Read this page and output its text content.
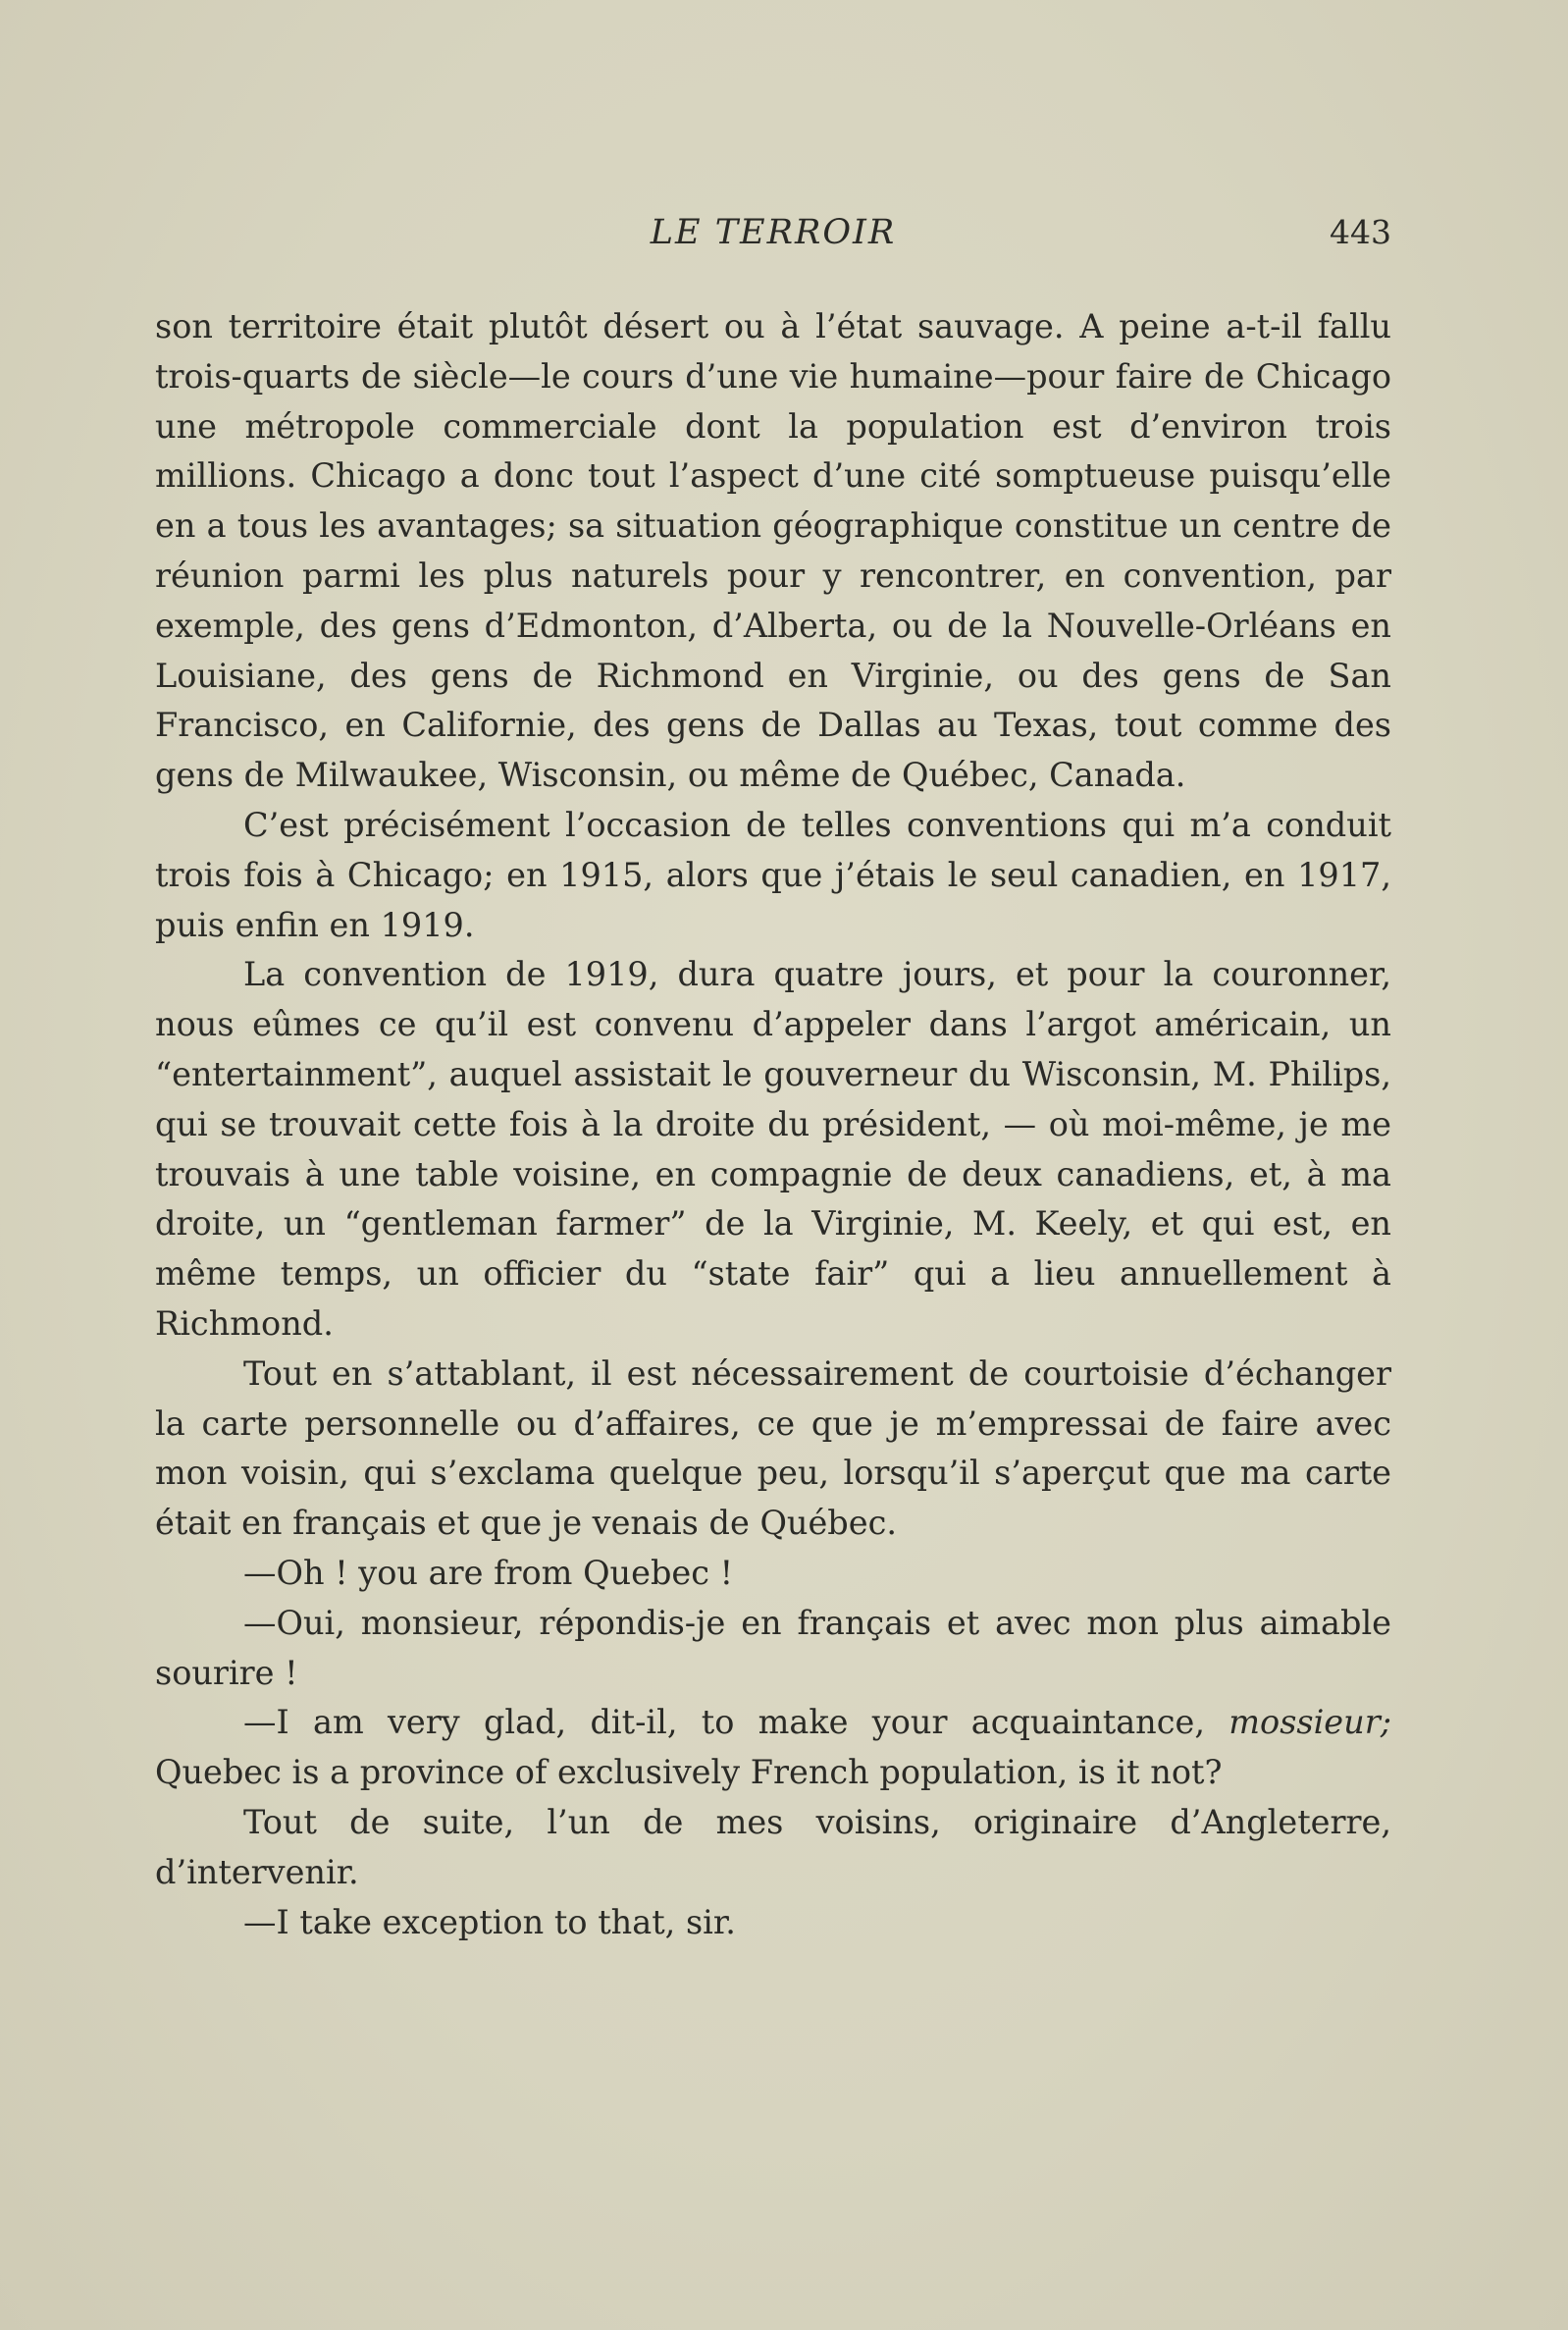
LE TERROIR	443

son territoire était plutôt désert ou à l’état sauvage. A peine a-t-il fallu trois-quarts de siècle—le cours d’une vie humaine—pour faire de Chicago une métropole commerciale dont la population est d’environ trois millions. Chicago a donc tout l’aspect d’une cité somptueuse puisqu’elle en a tous les avantages; sa situation géographique constitue un centre de réunion parmi les plus naturels pour y rencontrer, en convention, par exemple, des gens d’Edmonton, d’Alberta, ou de la Nouvelle-Orléans en Louisiane, des gens de Richmond en Virginie, ou des gens de San Francisco, en Californie, des gens de Dallas au Texas, tout comme des gens de Milwaukee, Wisconsin, ou même de Québec, Canada.

C’est précisément l’occasion de telles conventions qui m’a conduit trois fois à Chicago; en 1915, alors que j’étais le seul canadien, en 1917, puis enfin en 1919.

La convention de 1919, dura quatre jours, et pour la couronner, nous eûmes ce qu’il est convenu d’appeler dans l’argot américain, un “entertainment”, auquel assistait le gouverneur du Wisconsin, M. Philips, qui se trouvait cette fois à la droite du président, — où moi-même, je me trouvais à une table voisine, en compagnie de deux canadiens, et, à ma droite, un “gentleman farmer” de la Virginie, M. Keely, et qui est, en même temps, un officier du “state fair” qui a lieu annuellement à Richmond.

Tout en s’attablant, il est nécessairement de courtoisie d’échanger la carte personnelle ou d’affaires, ce que je m’empressai de faire avec mon voisin, qui s’exclama quelque peu, lorsqu’il s’aperçut que ma carte était en français et que je venais de Québec.

—Oh ! you are from Quebec !

—Oui, monsieur, répondis-je en français et avec mon plus aimable sourire !

—I am very glad, dit-il, to make your acquaintance, mossieur; Quebec is a province of exclusively French population, is it not?

Tout de suite, l’un de mes voisins, originaire d’Angleterre, d’intervenir.

—I take exception to that, sir.
